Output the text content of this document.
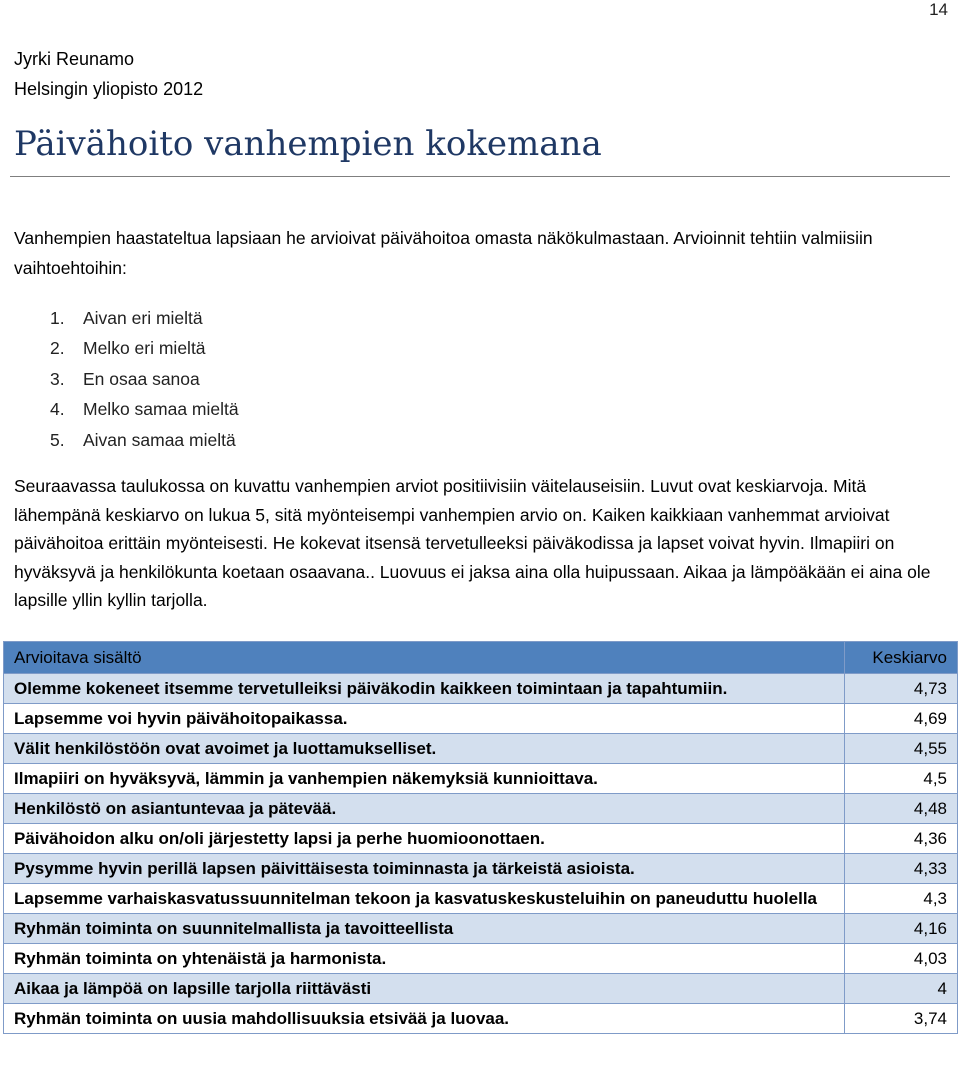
14
Jyrki Reunamo
Helsingin yliopisto 2012
Päivähoito vanhempien kokemana

Vanhempien haastateltua lapsiaan he arvioivat päivähoitoa omasta näkökulmastaan. Arvioinnit tehtiin valmiisiin vaihtoehtoihin:

1. Aivan eri mieltä
2. Melko eri mieltä
3. En osaa sanoa
4. Melko samaa mieltä
5. Aivan samaa mieltä

Seuraavassa taulukossa on kuvattu vanhempien arviot positiivisiin väitelauseisiin. Luvut ovat keskiarvoja. Mitä lähempänä keskiarvo on lukua 5, sitä myönteisempi vanhempien arvio on. Kaiken kaikkiaan vanhemmat arvioivat päivähoitoa erittäin myönteisesti. He kokevat itsensä tervetulleeksi päiväkodissa ja lapset voivat hyvin. Ilmapiiri on hyväksyvä ja henkilökunta koetaan osaavana.. Luovuus ei jaksa aina olla huipussaan. Aikaa ja lämpöäkään ei aina ole lapsille yllin kyllin tarjolla.

Arvioitava sisältö	Keskiarvo
Olemme kokeneet itsemme tervetulleiksi päiväkodin kaikkeen toimintaan ja tapahtumiin.	4,73
Lapsemme voi hyvin päivähoitopaikassa.	4,69
Välit henkilöstöön ovat avoimet ja luottamukselliset.	4,55
Ilmapiiri on hyväksyvä, lämmin ja vanhempien näkemyksiä kunnioittava.	4,5
Henkilöstö on asiantuntevaa ja pätevää.	4,48
Päivähoidon alku on/oli järjestetty lapsi ja perhe huomioonottaen.	4,36
Pysymme hyvin perillä lapsen päivittäisesta toiminnasta ja tärkeistä asioista.	4,33
Lapsemme varhaiskasvatussuunnitelman tekoon ja kasvatuskeskusteluihin on paneuduttu huolella	4,3
Ryhmän toiminta on suunnitelmallista ja tavoitteellista	4,16
Ryhmän toiminta on yhtenäistä ja harmonista.	4,03
Aikaa ja lämpöä on lapsille tarjolla riittävästi	4
Ryhmän toiminta on uusia mahdollisuuksia etsivää ja luovaa.	3,74
